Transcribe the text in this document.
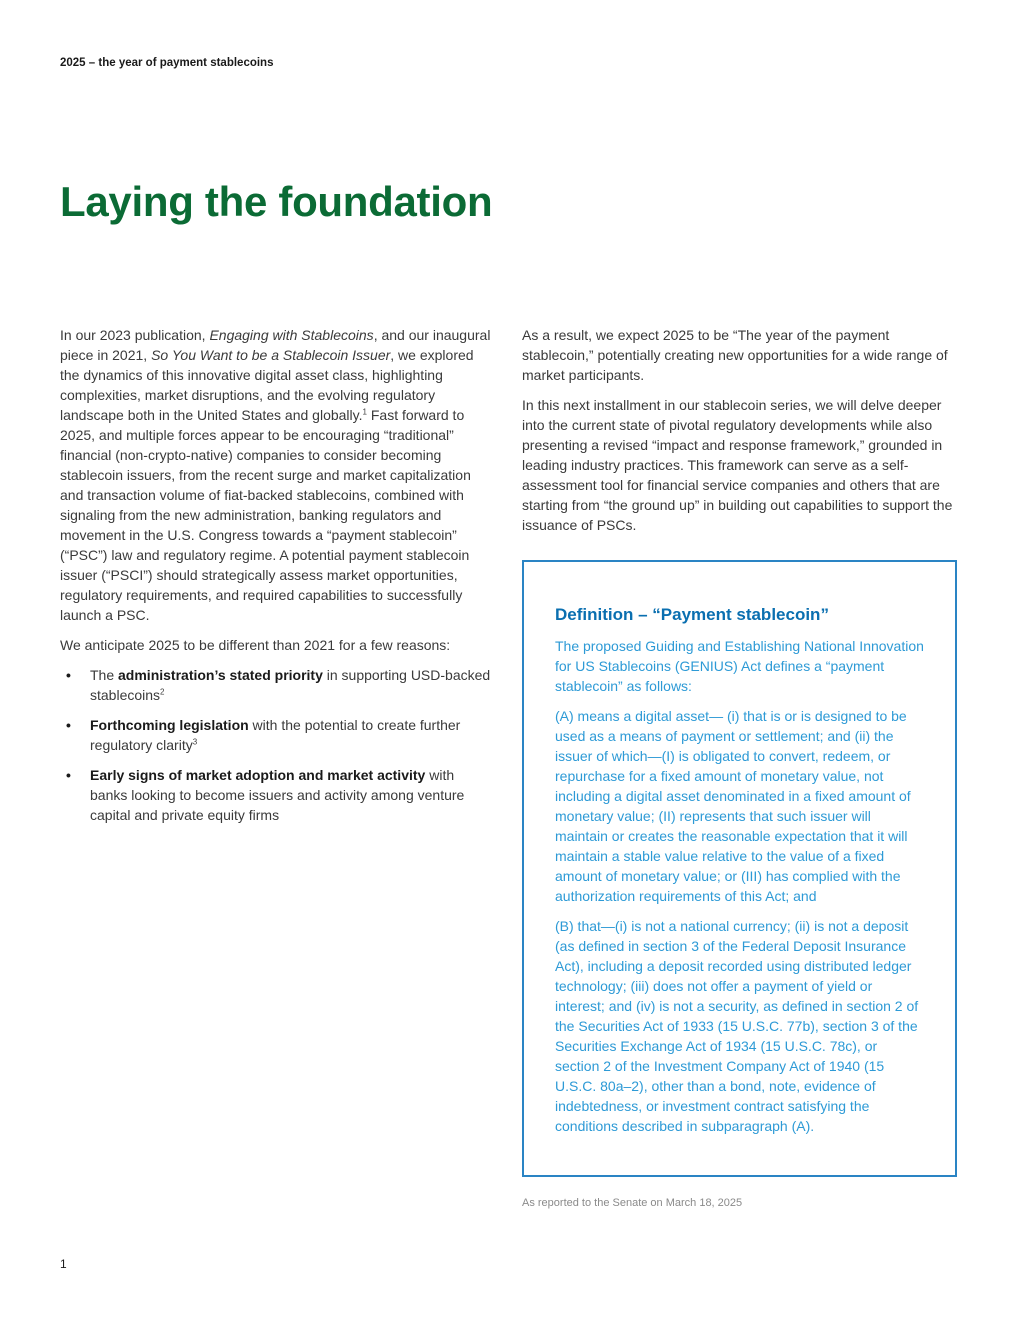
2025 – the year of payment stablecoins
Laying the foundation

In our 2023 publication, Engaging with Stablecoins, and our inaugural piece in 2021, So You Want to be a Stablecoin Issuer, we explored the dynamics of this innovative digital asset class, highlighting complexities, market disruptions, and the evolving regulatory landscape both in the United States and globally.$^1$ Fast forward to 2025, and multiple forces appear to be encouraging “traditional” financial (non-crypto-native) companies to consider becoming stablecoin issuers, from the recent surge and market capitalization and transaction volume of fiat-backed stablecoins, combined with signaling from the new administration, banking regulators and movement in the U.S. Congress towards a “payment stablecoin” (“PSC”) law and regulatory regime. A potential payment stablecoin issuer (“PSCI”) should strategically assess market opportunities, regulatory requirements, and required capabilities to successfully launch a PSC.

We anticipate 2025 to be different than 2021 for a few reasons:

• The administration’s stated priority in supporting USD-backed stablecoins$^2$
• Forthcoming legislation with the potential to create further regulatory clarity$^3$
• Early signs of market adoption and market activity with banks looking to become issuers and activity among venture capital and private equity firms

As a result, we expect 2025 to be “The year of the payment stablecoin,” potentially creating new opportunities for a wide range of market participants.

In this next installment in our stablecoin series, we will delve deeper into the current state of pivotal regulatory developments while also presenting a revised “impact and response framework,” grounded in leading industry practices. This framework can serve as a self-assessment tool for financial service companies and others that are starting from “the ground up” in building out capabilities to support the issuance of PSCs.

Definition – “Payment stablecoin”

The proposed Guiding and Establishing National Innovation for US Stablecoins (GENIUS) Act defines a “payment stablecoin” as follows:

(A) means a digital asset— (i) that is or is designed to be used as a means of payment or settlement; and (ii) the issuer of which—(I) is obligated to convert, redeem, or repurchase for a fixed amount of monetary value, not including a digital asset denominated in a fixed amount of monetary value; (II) represents that such issuer will maintain or creates the reasonable expectation that it will maintain a stable value relative to the value of a fixed amount of monetary value; or (III) has complied with the authorization requirements of this Act; and

(B) that—(i) is not a national currency; (ii) is not a deposit (as defined in section 3 of the Federal Deposit Insurance Act), including a deposit recorded using distributed ledger technology; (iii) does not offer a payment of yield or interest; and (iv) is not a security, as defined in section 2 of the Securities Act of 1933 (15 U.S.C. 77b), section 3 of the Securities Exchange Act of 1934 (15 U.S.C. 78c), or section 2 of the Investment Company Act of 1940 (15 U.S.C. 80a–2), other than a bond, note, evidence of indebtedness, or investment contract satisfying the conditions described in subparagraph (A).

As reported to the Senate on March 18, 2025
1
